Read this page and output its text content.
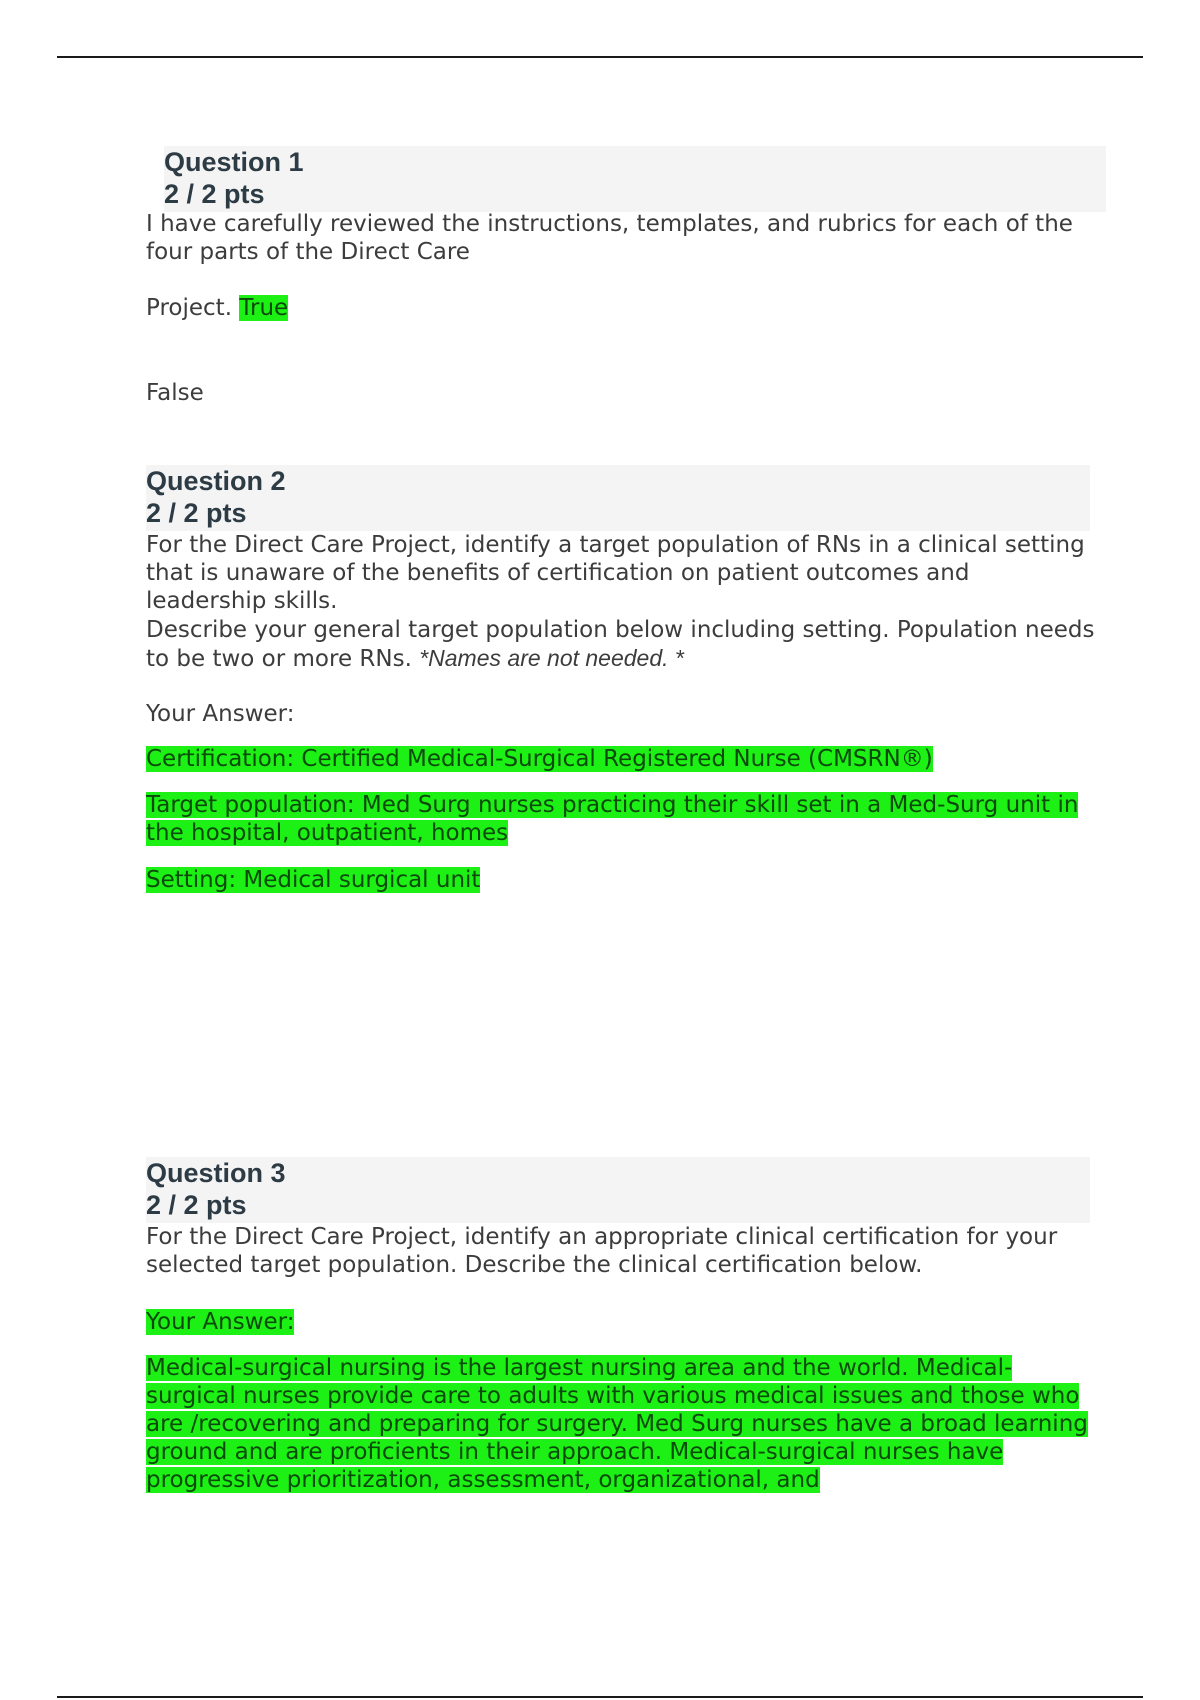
Question 1
2 / 2 pts

I have carefully reviewed the instructions, templates, and rubrics for each of the four parts of the Direct Care

Project. True

False

Question 2
2 / 2 pts

For the Direct Care Project, identify a target population of RNs in a clinical setting that is unaware of the benefits of certification on patient outcomes and leadership skills.

Describe your general target population below including setting. Population needs to be two or more RNs. *Names are not needed. *

Your Answer:

Certification: Certified Medical-Surgical Registered Nurse (CMSRN®)

Target population: Med Surg nurses practicing their skill set in a Med-Surg unit in the hospital, outpatient, homes

Setting: Medical surgical unit

Question 3
2 / 2 pts

For the Direct Care Project, identify an appropriate clinical certification for your selected target population. Describe the clinical certification below.

Your Answer:

Medical-surgical nursing is the largest nursing area and the world. Medical-surgical nurses provide care to adults with various medical issues and those who are /recovering and preparing for surgery. Med Surg nurses have a broad learning ground and are proficients in their approach. Medical-surgical nurses have progressive prioritization, assessment, organizational, and
